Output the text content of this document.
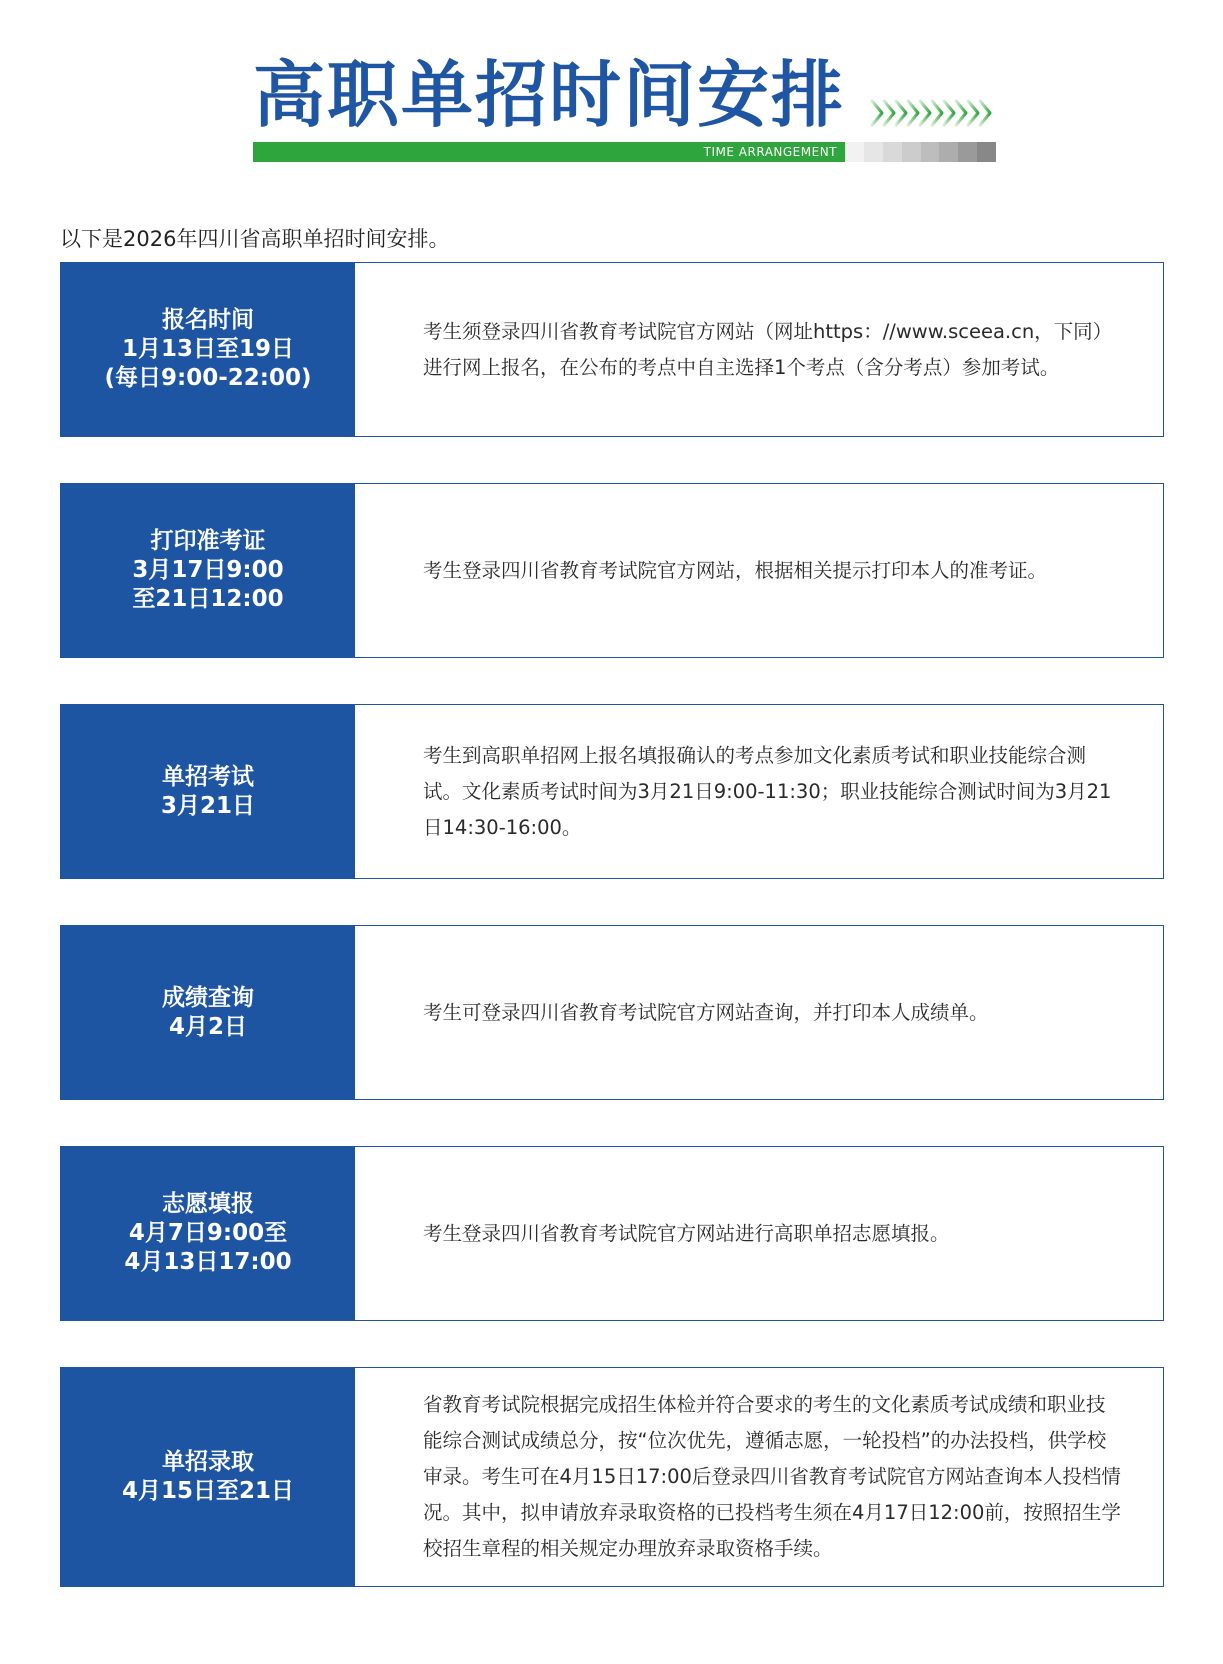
高职单招时间安排
TIME ARRANGEMENT
以下是2026年四川省高职单招时间安排。
报名时间
1月13日至19日
(每日9:00-22:00)

考生须登录四川省教育考试院官方网站（网址https：//www.sceea.cn，下同）进行网上报名，在公布的考点中自主选择1个考点（含分考点）参加考试。

打印准考证
3月17日9:00
至21日12:00

考生登录四川省教育考试院官方网站，根据相关提示打印本人的准考证。

单招考试
3月21日

考生到高职单招网上报名填报确认的考点参加文化素质考试和职业技能综合测试。文化素质考试时间为3月21日9:00-11:30；职业技能综合测试时间为3月21日14:30-16:00。

成绩查询
4月2日

考生可登录四川省教育考试院官方网站查询，并打印本人成绩单。

志愿填报
4月7日9:00至
4月13日17:00

考生登录四川省教育考试院官方网站进行高职单招志愿填报。

单招录取
4月15日至21日

省教育考试院根据完成招生体检并符合要求的考生的文化素质考试成绩和职业技能综合测试成绩总分，按“位次优先，遵循志愿，一轮投档”的办法投档，供学校审录。考生可在4月15日17:00后登录四川省教育考试院官方网站查询本人投档情况。其中，拟申请放弃录取资格的已投档考生须在4月17日12:00前，按照招生学校招生章程的相关规定办理放弃录取资格手续。
